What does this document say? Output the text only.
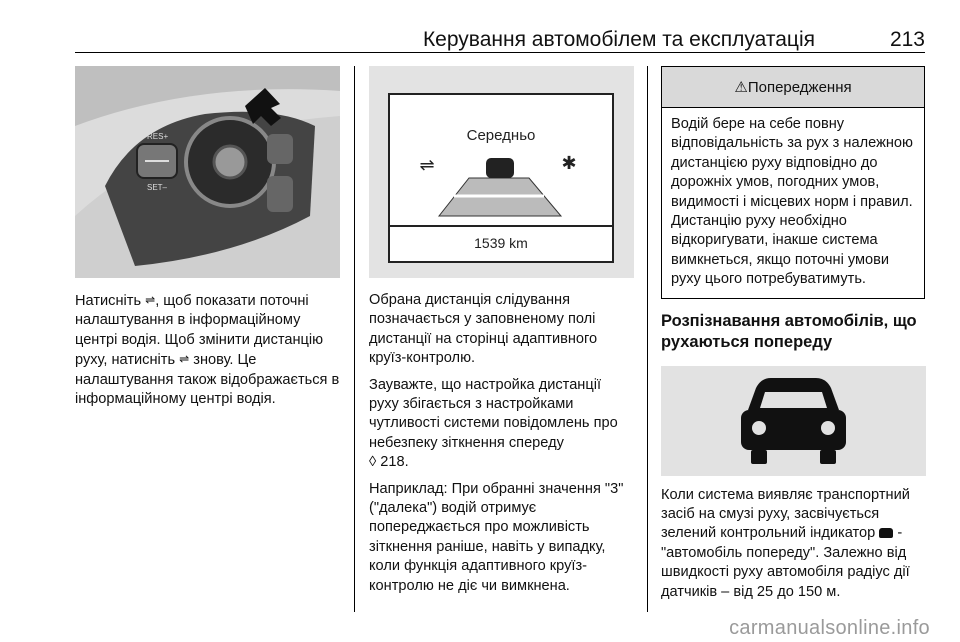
Керування автомобілем та експлуатація	213
RES+
SET–

Натисніть ⇌, щоб показати поточні налаштування в інформаційному центрі водія. Щоб змінити дистанцію руху, натисніть ⇌ знову. Це налаштування також відображається в інформаційному центрі водія.

Середньо
⇌	✱
1539 km

Обрана дистанція слідування позначається у заповненому полі дистанції на сторінці адаптивного круїз-контролю.

Зауважте, що настройка дистанції руху збігається з настройками чутливості системи повідомлень про небезпеку зіткнення спереду
◊ 218.

Наприклад: При обранні значення "3" ("далека") водій отримує попереджається про можливість зіткнення раніше, навіть у випадку, коли функція адаптивного круїз-контролю не діє чи вимкнена.

⚠ Попередження
Водій бере на себе повну відповідальність за рух з належною дистанцією руху відповідно до дорожніх умов, погодних умов, видимості і місцевих норм і правил. Дистанцію руху необхідно відкоригувати, інакше система вимкнеться, якщо поточні умови руху цього потребуватимуть.

Розпізнавання автомобілів, що рухаються попереду

Коли система виявляє транспортний засіб на смузі руху, засвічується зелений контрольний індикатор - "автомобіль попереду". Залежно від швидкості руху автомобіля радіус дії датчиків – від 25 до 150 м.

carmanualsonline.info
